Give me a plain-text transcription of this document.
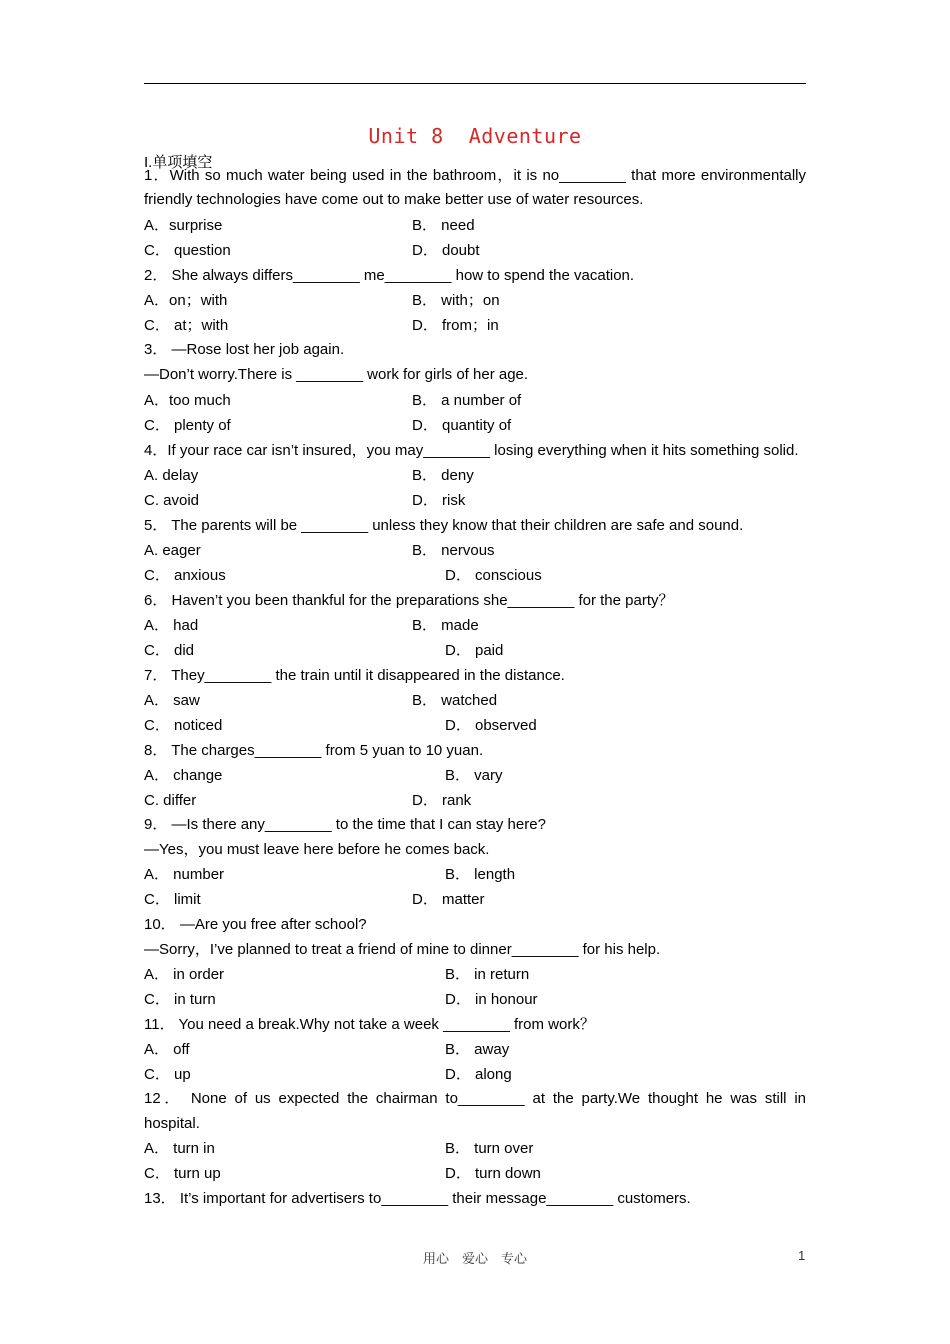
Unit 8  Adventure
I.单项填空
1．With so much water being used in the bathroom，it is no________ that more environmentally
friendly technologies have come out to make better use of water resources.
A．surprise	B． need
C． question	D． doubt
2． She always differs________ me________ how to spend the vacation.
A．on；with	B． with；on
C． at；with	D． from；in
3． —Rose lost her job again.
—Don’t worry.There is ________ work for girls of her age.
A．too much	B． a number of
C． plenty of	D． quantity of
4．If your race car isn’t insured，you may________ losing everything when it hits something solid.
A. delay	B． deny
C. avoid	D． risk
5． The parents will be ________ unless they know that their children are safe and sound.
A. eager	B． nervous
C． anxious	D． conscious
6． Haven’t you been thankful for the preparations she________ for the party？
A． had	B． made
C． did	D． paid
7． They________ the train until it disappeared in the distance.
A． saw	B． watched
C． noticed	D． observed
8． The charges________ from 5 yuan to 10 yuan.
A． change	B． vary
C. differ	D． rank
9． —Is there any________ to the time that I can stay here?
—Yes，you must leave here before he comes back.
A． number	B． length
C． limit	D． matter
10． —Are you free after school?
—Sorry，I’ve planned to treat a friend of mine to dinner________ for his help.
A． in order	B． in return
C． in turn	D． in honour
11． You need a break.Why not take a week ________ from work？
A． off	B． away
C． up	D． along
12． None of us expected the chairman to________ at the party.We thought he was still in
hospital.
A． turn in	B． turn over
C． turn up	D． turn down
13． It’s important for advertisers to________ their message________ customers.
用心　爱心　专心	1
